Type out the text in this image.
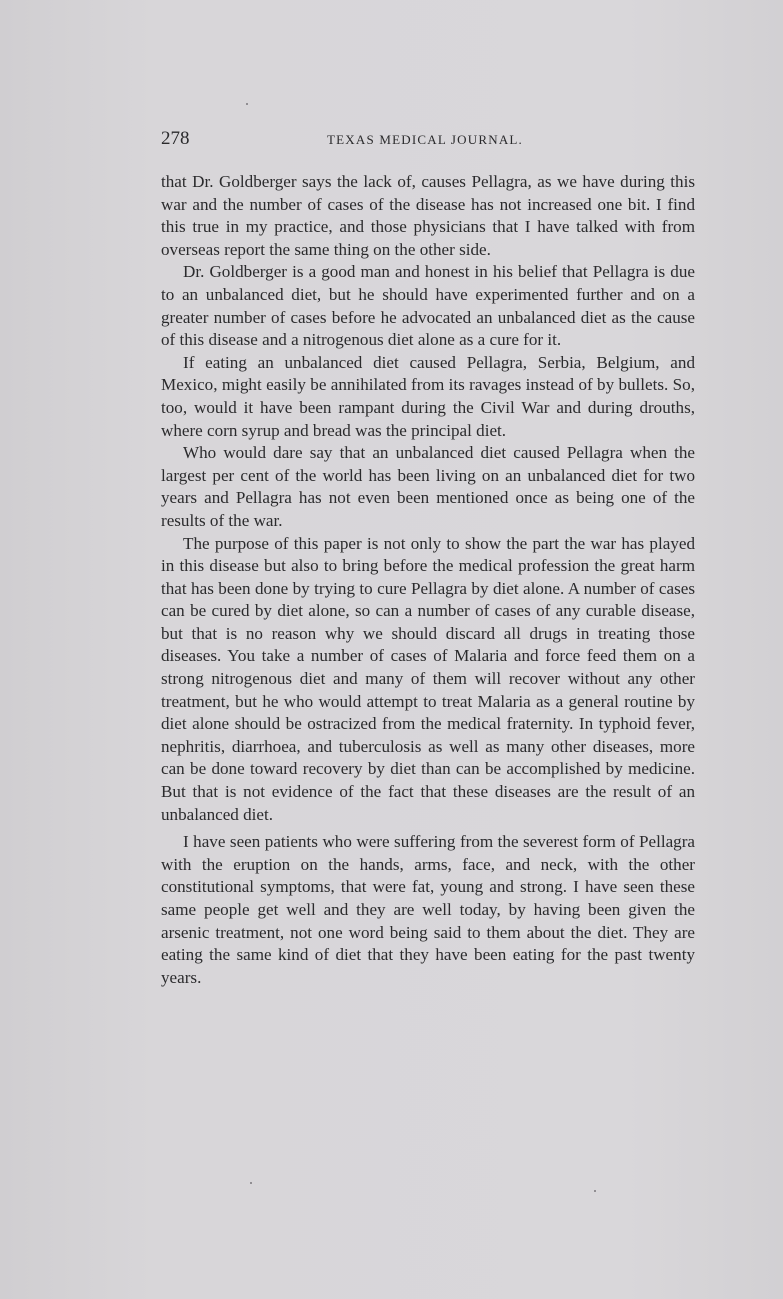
278	TEXAS MEDICAL JOURNAL.

that Dr. Goldberger says the lack of, causes Pellagra, as we have during this war and the number of cases of the disease has not increased one bit. I find this true in my practice, and those physicians that I have talked with from overseas report the same thing on the other side.

Dr. Goldberger is a good man and honest in his belief that Pellagra is due to an unbalanced diet, but he should have experimented further and on a greater number of cases before he advocated an unbalanced diet as the cause of this disease and a nitrogenous diet alone as a cure for it.

If eating an unbalanced diet caused Pellagra, Serbia, Belgium, and Mexico, might easily be annihilated from its ravages instead of by bullets. So, too, would it have been rampant during the Civil War and during drouths, where corn syrup and bread was the principal diet.

Who would dare say that an unbalanced diet caused Pellagra when the largest per cent of the world has been living on an unbalanced diet for two years and Pellagra has not even been mentioned once as being one of the results of the war.

The purpose of this paper is not only to show the part the war has played in this disease but also to bring before the medical profession the great harm that has been done by trying to cure Pellagra by diet alone. A number of cases can be cured by diet alone, so can a number of cases of any curable disease, but that is no reason why we should discard all drugs in treating those diseases. You take a number of cases of Malaria and force feed them on a strong nitrogenous diet and many of them will recover without any other treatment, but he who would attempt to treat Malaria as a general routine by diet alone should be ostracized from the medical fraternity. In typhoid fever, nephritis, diarrhoea, and tuberculosis as well as many other diseases, more can be done toward recovery by diet than can be accomplished by medicine. But that is not evidence of the fact that these diseases are the result of an unbalanced diet.

I have seen patients who were suffering from the severest form of Pellagra with the eruption on the hands, arms, face, and neck, with the other constitutional symptoms, that were fat, young and strong. I have seen these same people get well and they are well today, by having been given the arsenic treatment, not one word being said to them about the diet. They are eating the same kind of diet that they have been eating for the past twenty years.
